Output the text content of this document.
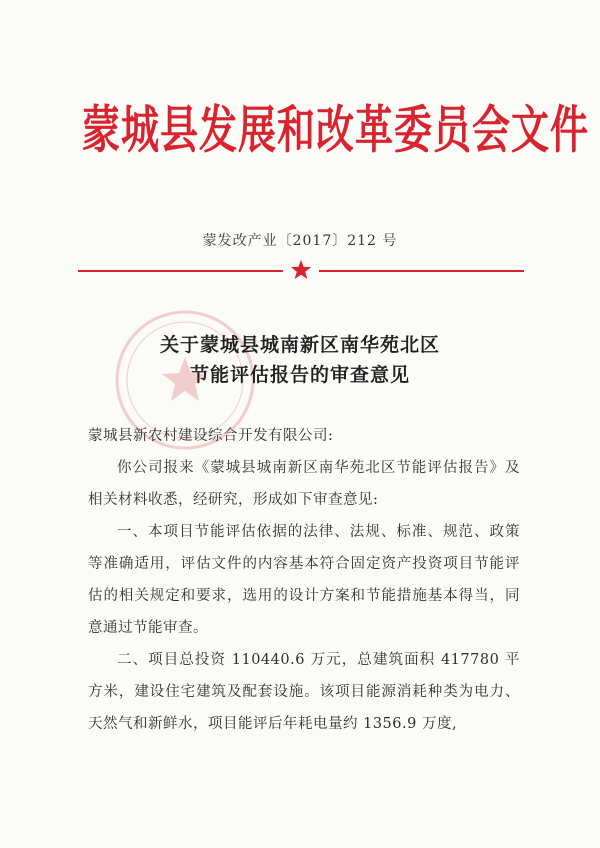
蒙城县发展和改革委员会文件
蒙发改产业〔2017〕212 号
关于蒙城县城南新区南华苑北区
节能评估报告的审查意见
蒙城县新农村建设综合开发有限公司:
你公司报来《蒙城县城南新区南华苑北区节能评估报告》及相关材料收悉，经研究，形成如下审查意见:
一、本项目节能评估依据的法律、法规、标准、规范、政策等准确适用，评估文件的内容基本符合固定资产投资项目节能评估的相关规定和要求，选用的设计方案和节能措施基本得当，同意通过节能审查。
二、项目总投资 110440.6 万元，总建筑面积 417780 平方米，建设住宅建筑及配套设施。该项目能源消耗种类为电力、天然气和新鲜水，项目能评后年耗电量约 1356.9 万度,
